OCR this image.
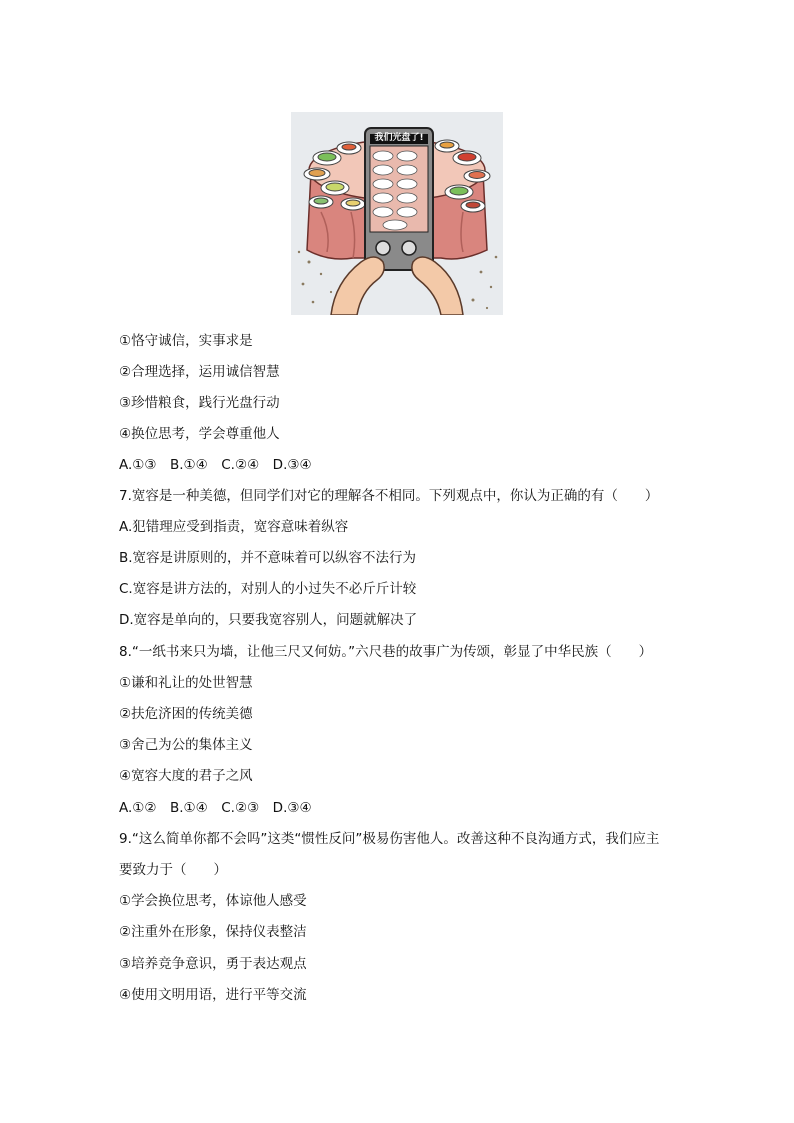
我们光盘了!
①恪守诚信，实事求是
②合理选择，运用诚信智慧
③珍惜粮食，践行光盘行动
④换位思考，学会尊重他人
A.①③　B.①④　C.②④　D.③④
7.宽容是一种美德，但同学们对它的理解各不相同。下列观点中，你认为正确的有（　　）
A.犯错理应受到指责，宽容意味着纵容
B.宽容是讲原则的，并不意味着可以纵容不法行为
C.宽容是讲方法的，对别人的小过失不必斤斤计较
D.宽容是单向的，只要我宽容别人，问题就解决了
8.“一纸书来只为墙，让他三尺又何妨。”六尺巷的故事广为传颂，彰显了中华民族（　　）
①谦和礼让的处世智慧
②扶危济困的传统美德
③舍己为公的集体主义
④宽容大度的君子之风
A.①②　B.①④　C.②③　D.③④
9.“这么简单你都不会吗”这类“惯性反问”极易伤害他人。改善这种不良沟通方式，我们应主
要致力于（　　）
①学会换位思考，体谅他人感受
②注重外在形象，保持仪表整洁
③培养竞争意识，勇于表达观点
④使用文明用语，进行平等交流
